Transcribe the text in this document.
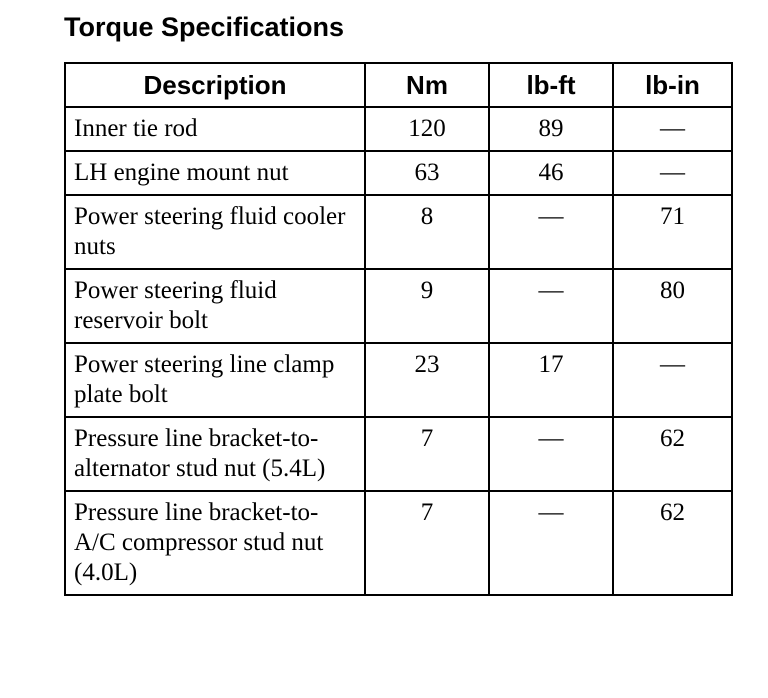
Torque Specifications
Description	Nm	lb-ft	lb-in
Inner tie rod	120	89	—
LH engine mount nut	63	46	—
Power steering fluid cooler nuts	8	—	71
Power steering fluid reservoir bolt	9	—	80
Power steering line clamp plate bolt	23	17	—
Pressure line bracket-to-alternator stud nut (5.4L)	7	—	62
Pressure line bracket-to-A/C compressor stud nut (4.0L)	7	—	62
